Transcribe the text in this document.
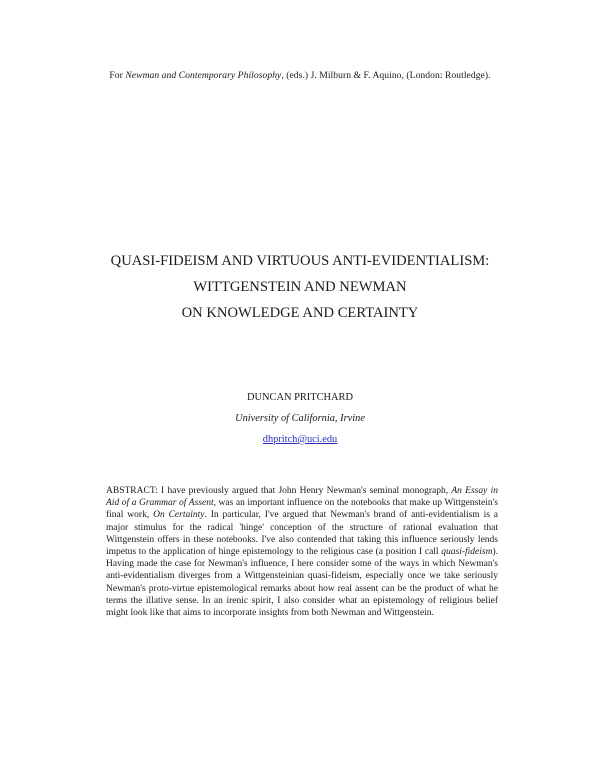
For Newman and Contemporary Philosophy, (eds.) J. Milburn & F. Aquino, (London: Routledge).
QUASI-FIDEISM AND VIRTUOUS ANTI-EVIDENTIALISM:
WITTGENSTEIN AND NEWMAN
ON KNOWLEDGE AND CERTAINTY
DUNCAN PRITCHARD
University of California, Irvine
dhpritch@uci.edu
ABSTRACT: I have previously argued that John Henry Newman's seminal monograph, An Essay in Aid of a Grammar of Assent, was an important influence on the notebooks that make up Wittgenstein's final work, On Certainty. In particular, I've argued that Newman's brand of anti-evidentialism is a major stimulus for the radical 'hinge' conception of the structure of rational evaluation that Wittgenstein offers in these notebooks. I've also contended that taking this influence seriously lends impetus to the application of hinge epistemology to the religious case (a position I call quasi-fideism). Having made the case for Newman's influence, I here consider some of the ways in which Newman's anti-evidentialism diverges from a Wittgensteinian quasi-fideism, especially once we take seriously Newman's proto-virtue epistemological remarks about how real assent can be the product of what he terms the illative sense. In an irenic spirit, I also consider what an epistemology of religious belief might look like that aims to incorporate insights from both Newman and Wittgenstein.
